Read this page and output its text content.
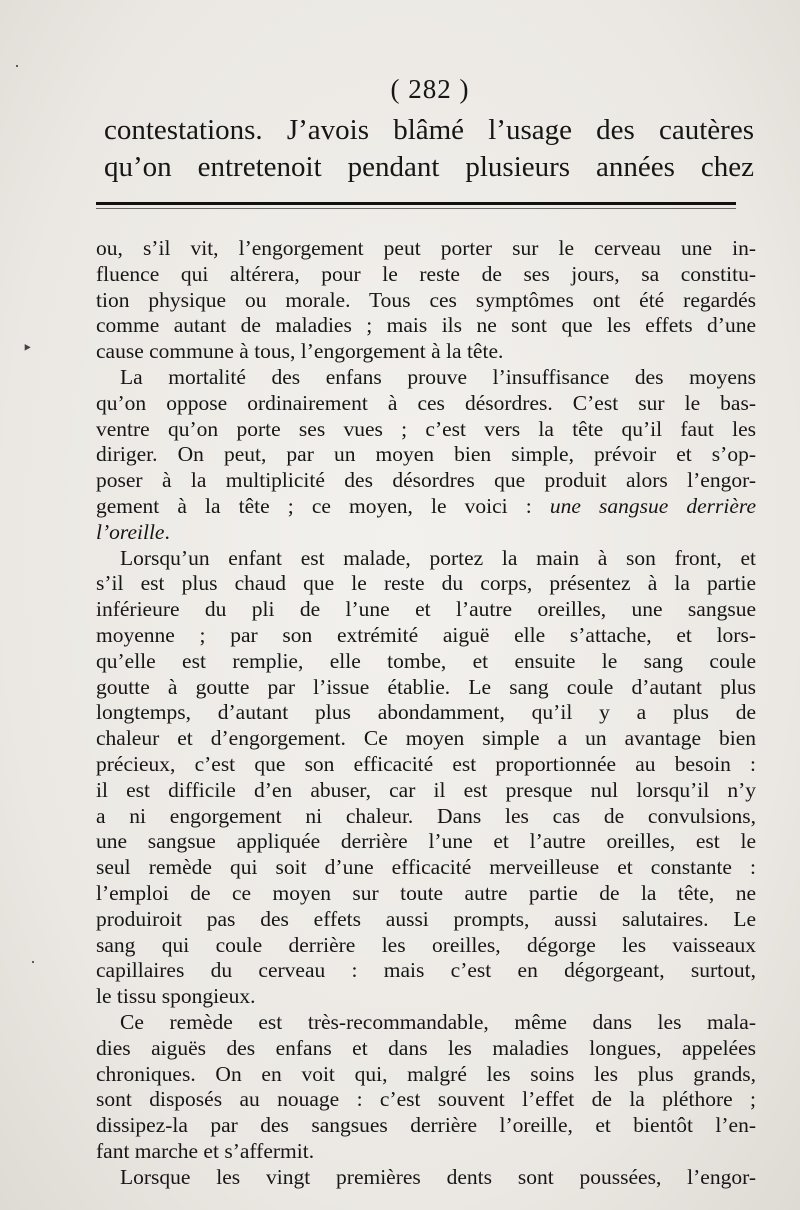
( 282 )
contestations. J’avois blâmé l’usage des cautères
qu’on entretenoit pendant plusieurs années chez
ou, s’il vit, l’engorgement peut porter sur le cerveau une in-
fluence qui altérera, pour le reste de ses jours, sa constitu-
tion physique ou morale. Tous ces symptômes ont été regardés
comme autant de maladies ; mais ils ne sont que les effets d’une
cause commune à tous, l’engorgement à la tête.
La mortalité des enfans prouve l’insuffisance des moyens
qu’on oppose ordinairement à ces désordres. C’est sur le bas-
ventre qu’on porte ses vues ; c’est vers la tête qu’il faut les
diriger. On peut, par un moyen bien simple, prévoir et s’op-
poser à la multiplicité des désordres que produit alors l’engor-
gement à la tête ; ce moyen, le voici : une sangsue derrière
l’oreille.
Lorsqu’un enfant est malade, portez la main à son front, et
s’il est plus chaud que le reste du corps, présentez à la partie
inférieure du pli de l’une et l’autre oreilles, une sangsue
moyenne ; par son extrémité aiguë elle s’attache, et lors-
qu’elle est remplie, elle tombe, et ensuite le sang coule
goutte à goutte par l’issue établie. Le sang coule d’autant plus
longtemps, d’autant plus abondamment, qu’il y a plus de
chaleur et d’engorgement. Ce moyen simple a un avantage bien
précieux, c’est que son efficacité est proportionnée au besoin :
il est difficile d’en abuser, car il est presque nul lorsqu’il n’y
a ni engorgement ni chaleur. Dans les cas de convulsions,
une sangsue appliquée derrière l’une et l’autre oreilles, est le
seul remède qui soit d’une efficacité merveilleuse et constante :
l’emploi de ce moyen sur toute autre partie de la tête, ne
produiroit pas des effets aussi prompts, aussi salutaires. Le
sang qui coule derrière les oreilles, dégorge les vaisseaux
capillaires du cerveau : mais c’est en dégorgeant, surtout,
le tissu spongieux.
Ce remède est très-recommandable, même dans les mala-
dies aiguës des enfans et dans les maladies longues, appelées
chroniques. On en voit qui, malgré les soins les plus grands,
sont disposés au nouage : c’est souvent l’effet de la pléthore ;
dissipez-la par des sangsues derrière l’oreille, et bientôt l’en-
fant marche et s’affermit.
Lorsque les vingt premières dents sont poussées, l’engor-
‣
·
·
